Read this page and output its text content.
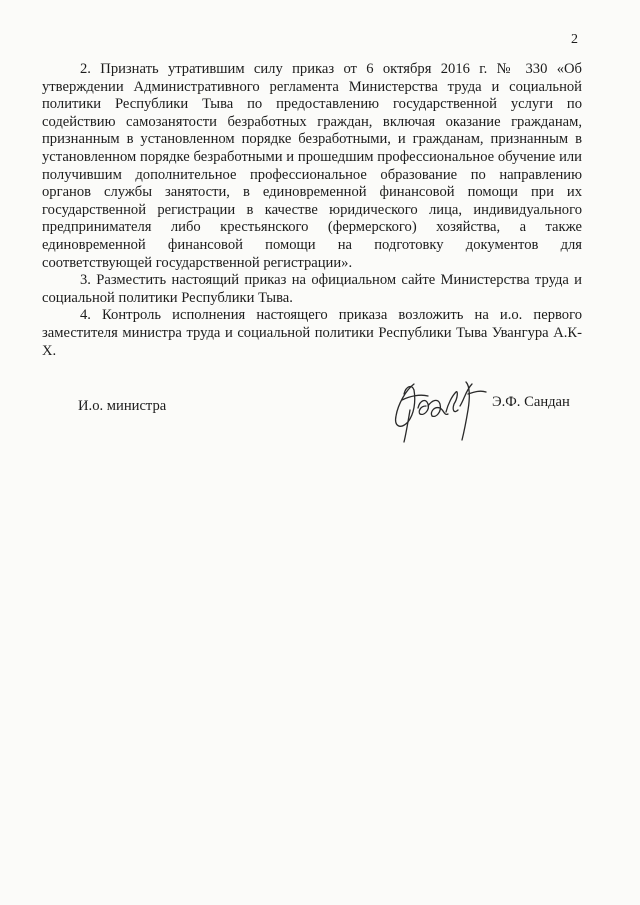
2

2. Признать утратившим силу приказ от 6 октября 2016 г. № 330 «Об утверждении Административного регламента Министерства труда и социальной политики Республики Тыва по предоставлению государственной услуги по содействию самозанятости безработных граждан, включая оказание гражданам, признанным в установленном порядке безработными, и гражданам, признанным в установленном порядке безработными и прошедшим профессиональное обучение или получившим дополнительное профессиональное образование по направлению органов службы занятости, в единовременной финансовой помощи при их государственной регистрации в качестве юридического лица, индивидуального предпринимателя либо крестьянского (фермерского) хозяйства, а также единовременной финансовой помощи на подготовку документов для соответствующей государственной регистрации».

3. Разместить настоящий приказ на официальном сайте Министерства труда и социальной политики Республики Тыва.

4. Контроль исполнения настоящего приказа возложить на и.о. первого заместителя министра труда и социальной политики Республики Тыва Увангура А.К-Х.

И.о. министра	Э.Ф. Сандан
